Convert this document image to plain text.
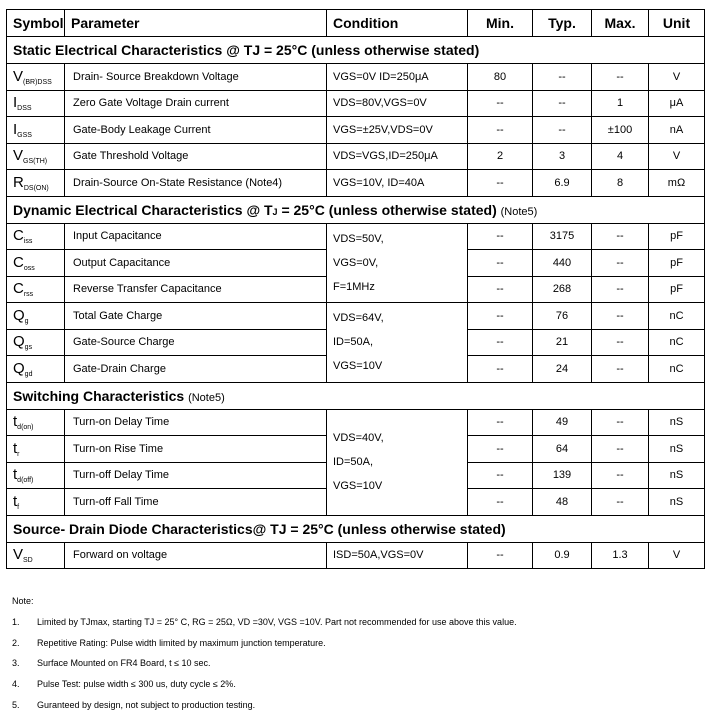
Symbol	Parameter	Condition	Min.	Typ.	Max.	Unit
Static Electrical Characteristics @ TJ = 25°C (unless otherwise stated)						
$V_{(BR)DSS}$	Drain- Source Breakdown Voltage	VGS=0V ID=250μA	80	--	--	V
$I_{DSS}$	Zero Gate Voltage Drain current	VDS=80V,VGS=0V	--	--	1	μA
$I_{GSS}$	Gate-Body Leakage Current	VGS=±25V,VDS=0V	--	--	±100	nA
$V_{GS(TH)}$	Gate Threshold Voltage	VDS=VGS,ID=250μA	2	3	4	V
$R_{DS(ON)}$	Drain-Source On-State Resistance (Note4)	VGS=10V, ID=40A	--	6.9	8	mΩ
Dynamic Electrical Characteristics @ TJ = 25°C (unless otherwise stated) (Note5)						
$C_{iss}$	Input Capacitance	VDS=50V,
VGS=0V,
F=1MHz	--	3175	--	pF
$C_{oss}$	Output Capacitance		--	440	--	pF
$C_{rss}$	Reverse Transfer Capacitance		--	268	--	pF
$Q_g$	Total Gate Charge	VDS=64V,
ID=50A,
VGS=10V	--	76	--	nC
$Q_{gs}$	Gate-Source Charge		--	21	--	nC
$Q_{gd}$	Gate-Drain Charge		--	24	--	nC
Switching Characteristics (Note5)						
$t_{d(on)}$	Turn-on Delay Time	VDS=40V,
ID=50A,
VGS=10V	--	49	--	nS
$t_r$	Turn-on Rise Time		--	64	--	nS
$t_{d(off)}$	Turn-off Delay Time		--	139	--	nS
$t_f$	Turn-off Fall Time		--	48	--	nS
Source- Drain Diode Characteristics@ TJ = 25°C (unless otherwise stated)						
$V_{SD}$	Forward on voltage	ISD=50A,VGS=0V	--	0.9	1.3	V
Note:
1. Limited by TJmax, starting TJ = 25° C, RG = 25Ω, VD =30V, VGS =10V. Part not recommended for use above this value.
2. Repetitive Rating: Pulse width limited by maximum junction temperature.
3. Surface Mounted on FR4 Board, t ≤ 10 sec.
4. Pulse Test: pulse width ≤ 300 us, duty cycle ≤ 2%.
5. Guranteed by design, not subject to production testing.
